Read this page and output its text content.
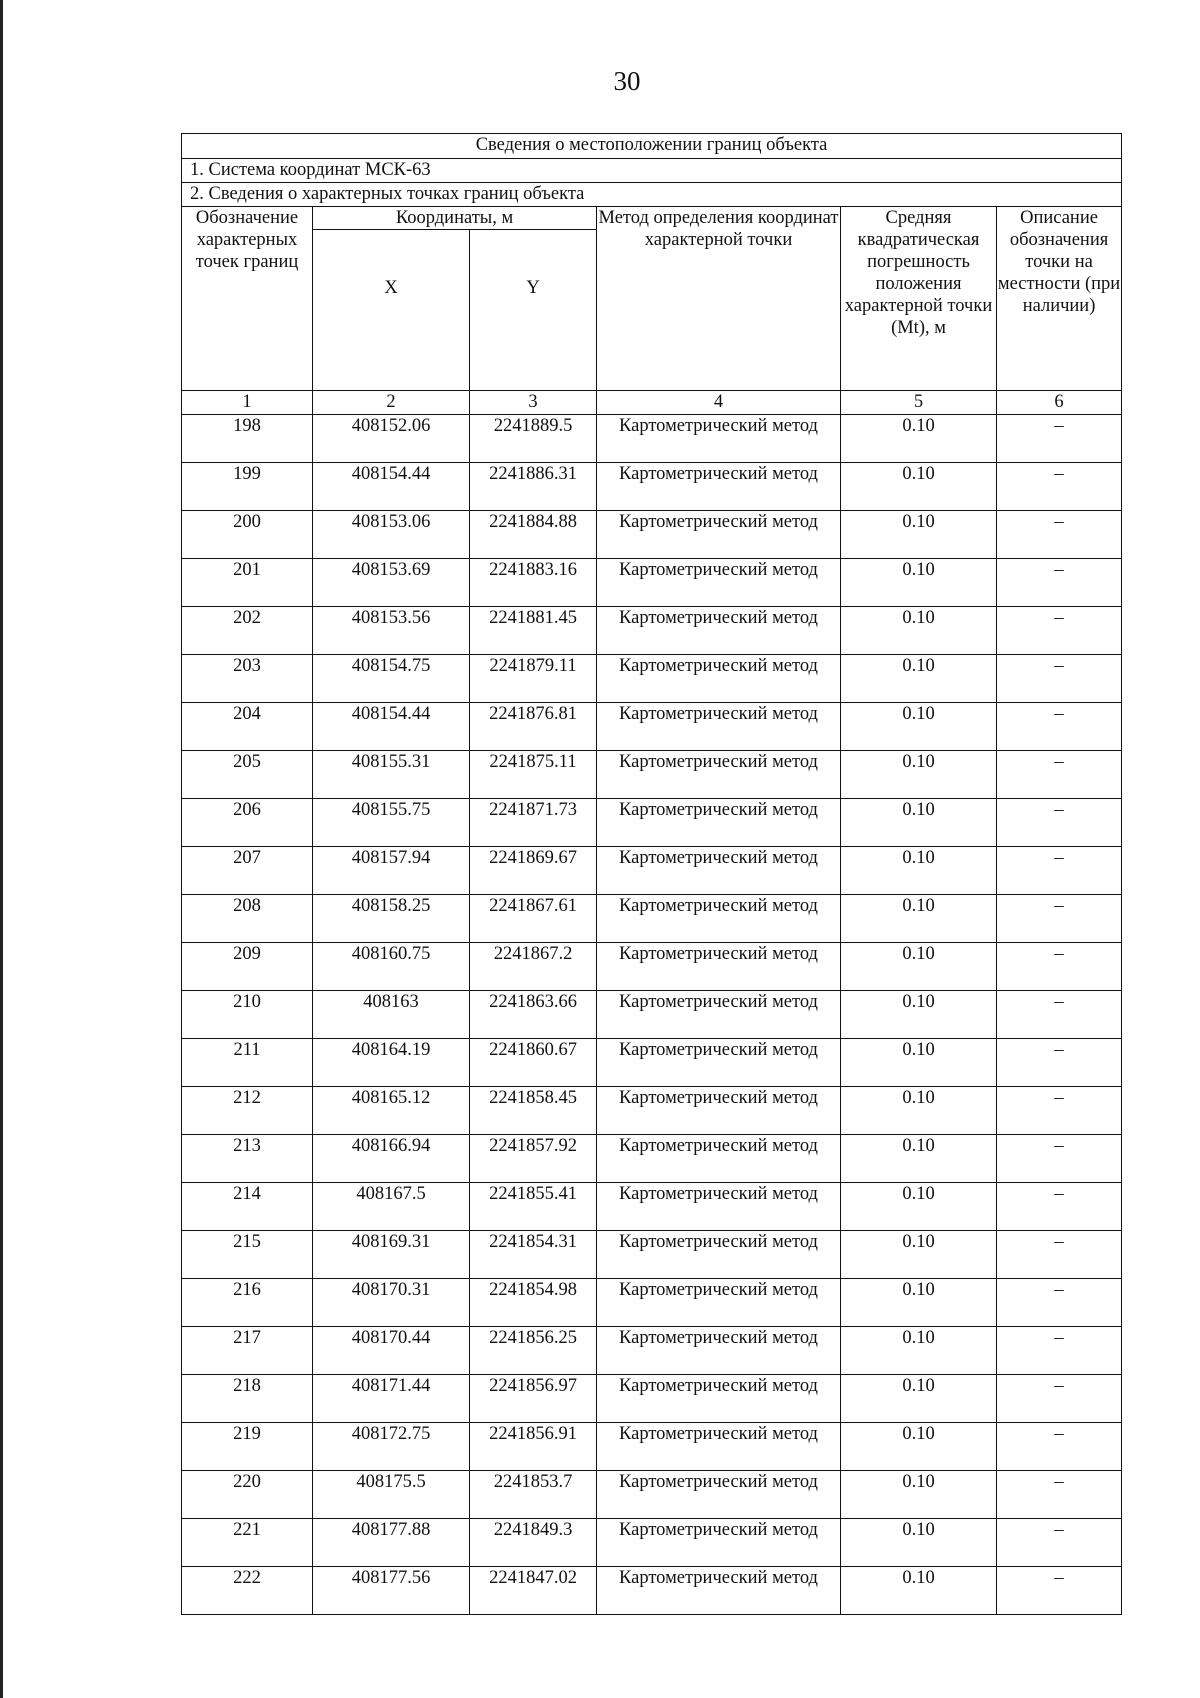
30
Сведения о местоположении границ объекта					
1. Система координат МСК-63					
2. Сведения о характерных точках границ объекта					
Обозначение характерных точек границ	Координаты, м		Метод определения координат характерной точки	Средняя квадратическая погрешность положения характерной точки (Mt), м	Описание обозначения точки на местности (при наличии)

	X	Y			

1	2	3	4	5	6
198	408152.06	2241889.5	Картометрический метод	0.10	–
199	408154.44	2241886.31	Картометрический метод	0.10	–
200	408153.06	2241884.88	Картометрический метод	0.10	–
201	408153.69	2241883.16	Картометрический метод	0.10	–
202	408153.56	2241881.45	Картометрический метод	0.10	–
203	408154.75	2241879.11	Картометрический метод	0.10	–
204	408154.44	2241876.81	Картометрический метод	0.10	–
205	408155.31	2241875.11	Картометрический метод	0.10	–
206	408155.75	2241871.73	Картометрический метод	0.10	–
207	408157.94	2241869.67	Картометрический метод	0.10	–
208	408158.25	2241867.61	Картометрический метод	0.10	–
209	408160.75	2241867.2	Картометрический метод	0.10	–
210	408163	2241863.66	Картометрический метод	0.10	–
211	408164.19	2241860.67	Картометрический метод	0.10	–
212	408165.12	2241858.45	Картометрический метод	0.10	–
213	408166.94	2241857.92	Картометрический метод	0.10	–
214	408167.5	2241855.41	Картометрический метод	0.10	–
215	408169.31	2241854.31	Картометрический метод	0.10	–
216	408170.31	2241854.98	Картометрический метод	0.10	–
217	408170.44	2241856.25	Картометрический метод	0.10	–
218	408171.44	2241856.97	Картометрический метод	0.10	–
219	408172.75	2241856.91	Картометрический метод	0.10	–
220	408175.5	2241853.7	Картометрический метод	0.10	–
221	408177.88	2241849.3	Картометрический метод	0.10	–
222	408177.56	2241847.02	Картометрический метод	0.10	–
